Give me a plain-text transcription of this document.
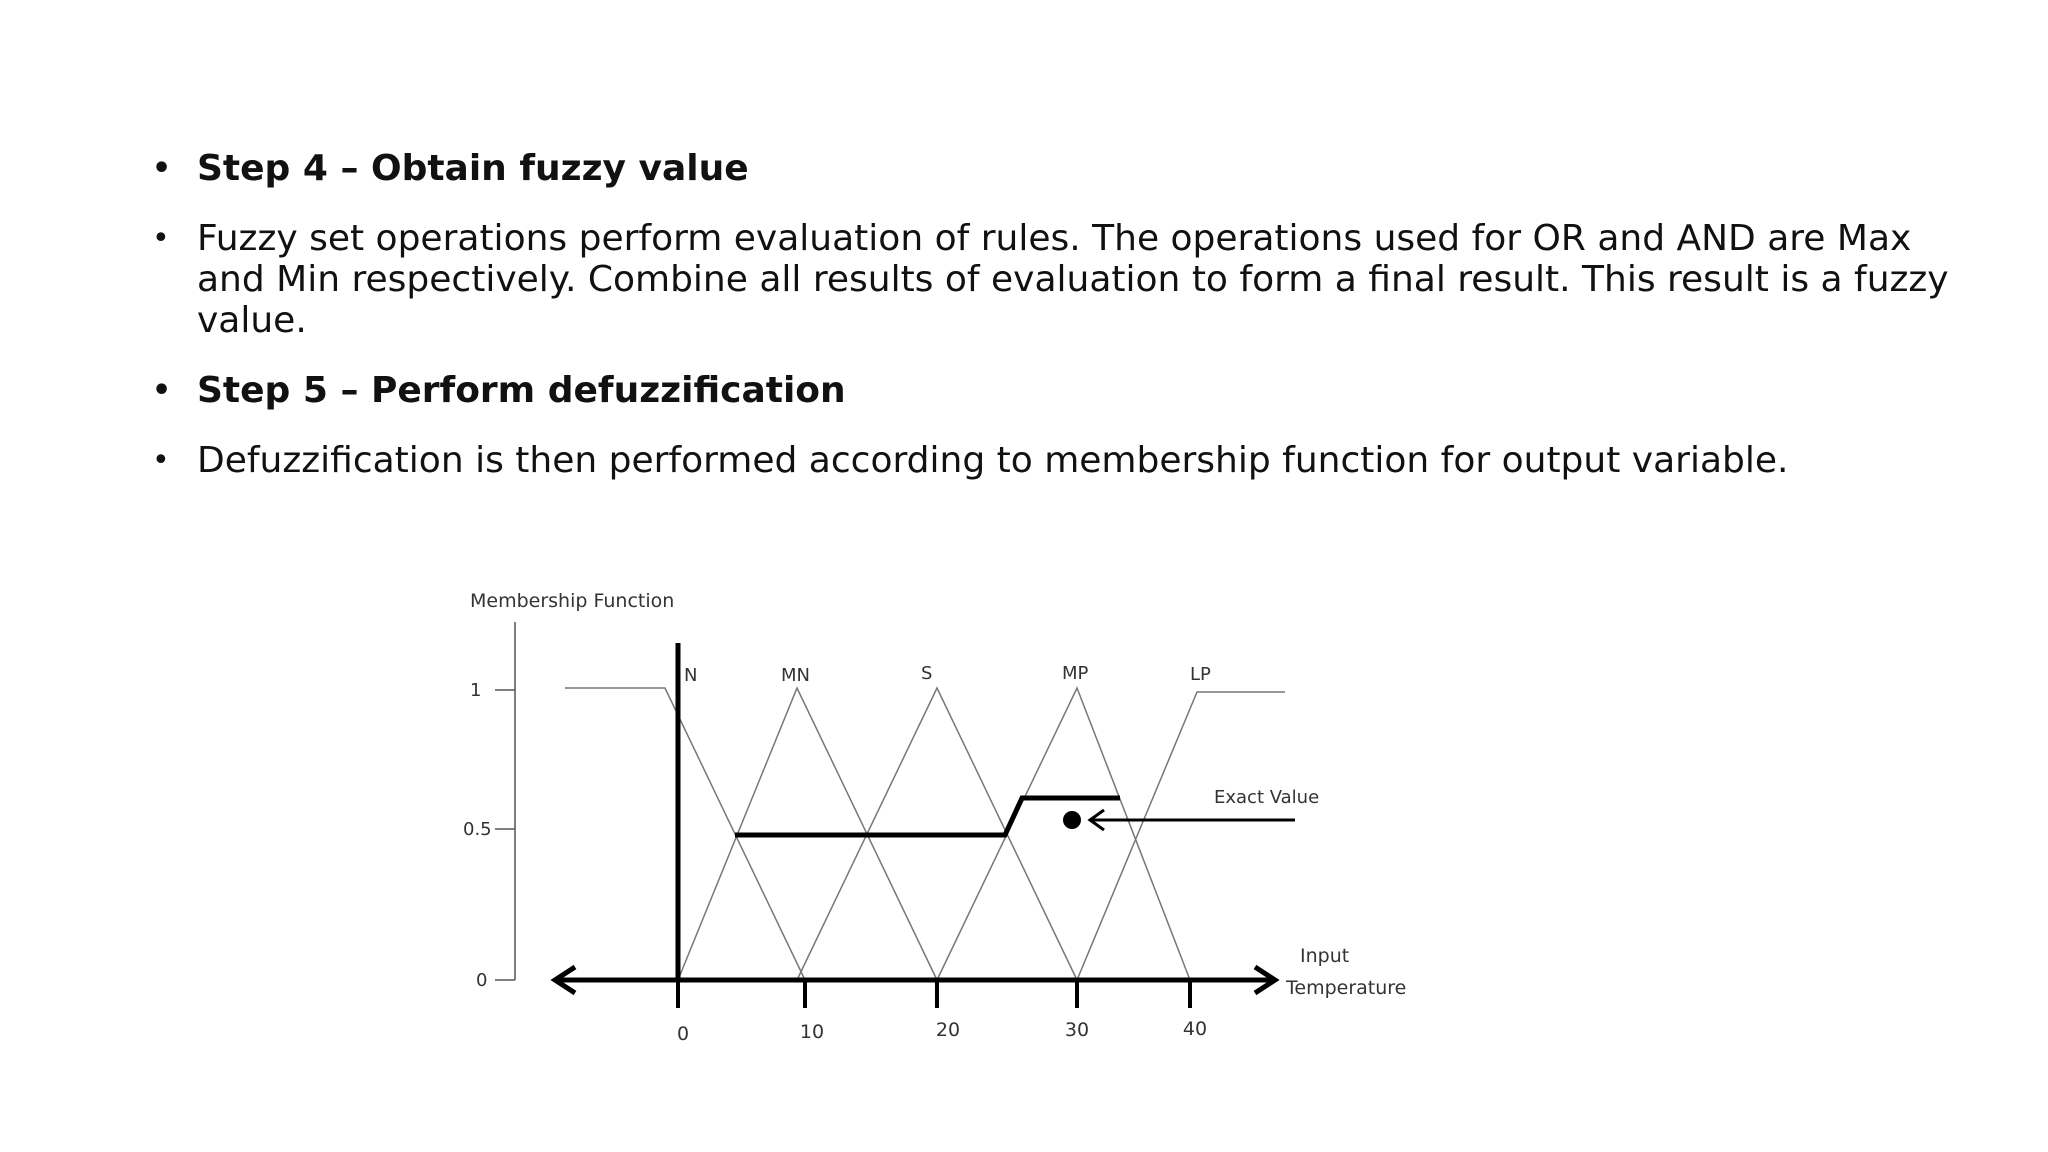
• Step 4 – Obtain fuzzy value
• Fuzzy set operations perform evaluation of rules. The operations used for OR and AND are Max and Min respectively. Combine all results of evaluation to form a final result. This result is a fuzzy value.
• Step 5 – Perform defuzzification
• Defuzzification is then performed according to membership function for output variable.
Membership Function
1
0.5
0
0	10	20	30	40
N	MN	S	MP	LP
Exact Value
Input
Temperature
